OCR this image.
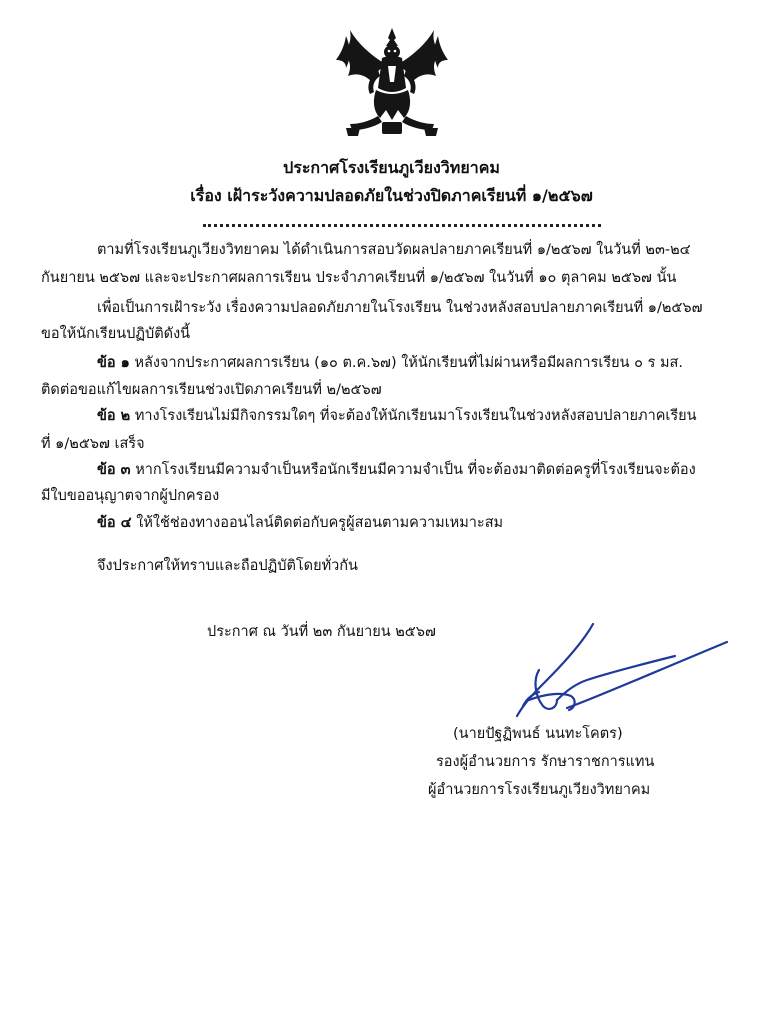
ประกาศโรงเรียนภูเวียงวิทยาคม
เรื่อง เฝ้าระวังความปลอดภัยในช่วงปิดภาคเรียนที่ ๑/๒๕๖๗
ตามที่โรงเรียนภูเวียงวิทยาคม ได้ดำเนินการสอบวัดผลปลายภาคเรียนที่ ๑/๒๕๖๗ ในวันที่ ๒๓-๒๔
กันยายน ๒๕๖๗ และจะประกาศผลการเรียน ประจำภาคเรียนที่ ๑/๒๕๖๗ ในวันที่ ๑๐ ตุลาคม ๒๕๖๗ นั้น
เพื่อเป็นการเฝ้าระวัง เรื่องความปลอดภัยภายในโรงเรียน ในช่วงหลังสอบปลายภาคเรียนที่ ๑/๒๕๖๗
ขอให้นักเรียนปฏิบัติดังนี้
ข้อ ๑ หลังจากประกาศผลการเรียน (๑๐ ต.ค.๖๗) ให้นักเรียนที่ไม่ผ่านหรือมีผลการเรียน ๐ ร มส.
ติดต่อขอแก้ไขผลการเรียนช่วงเปิดภาคเรียนที่ ๒/๒๕๖๗
ข้อ ๒ ทางโรงเรียนไม่มีกิจกรรมใดๆ ที่จะต้องให้นักเรียนมาโรงเรียนในช่วงหลังสอบปลายภาคเรียน
ที่ ๑/๒๕๖๗ เสร็จ
ข้อ ๓ หากโรงเรียนมีความจำเป็นหรือนักเรียนมีความจำเป็น ที่จะต้องมาติดต่อครูที่โรงเรียนจะต้อง
มีใบขออนุญาตจากผู้ปกครอง
ข้อ ๔ ให้ใช้ช่องทางออนไลน์ติดต่อกับครูผู้สอนตามความเหมาะสม
จึงประกาศให้ทราบและถือปฏิบัติโดยทั่วกัน
ประกาศ ณ วันที่ ๒๓ กันยายน ๒๕๖๗
(นายปัฐฏิพนธ์ นนทะโคตร)
รองผู้อำนวยการ รักษาราชการแทน
ผู้อำนวยการโรงเรียนภูเวียงวิทยาคม
